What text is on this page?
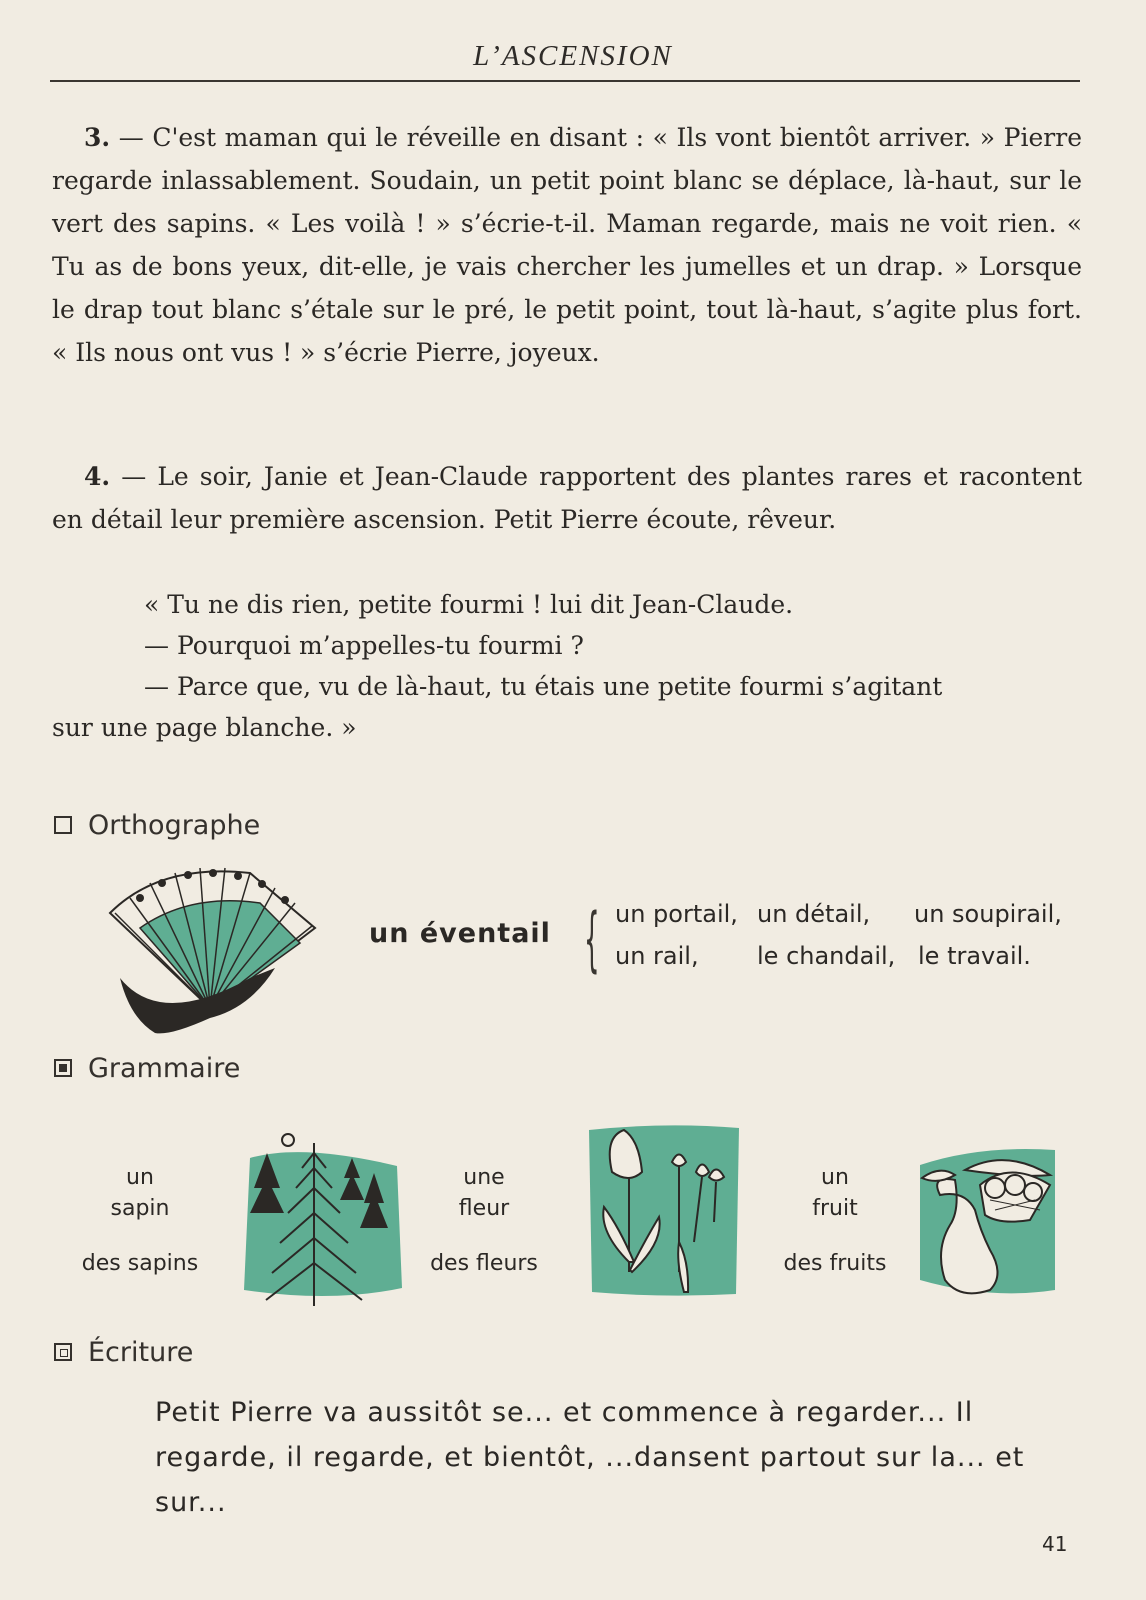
L’ASCENSION
3. — C'est maman qui le réveille en disant : « Ils vont bientôt arriver. » Pierre regarde inlassablement. Soudain, un petit point blanc se déplace, là-haut, sur le vert des sapins. « Les voilà ! » s’écrie-t-il. Maman regarde, mais ne voit rien. « Tu as de bons yeux, dit-elle, je vais chercher les jumelles et un drap. » Lorsque le drap tout blanc s’étale sur le pré, le petit point, tout là-haut, s’agite plus fort. « Ils nous ont vus ! » s’écrie Pierre, joyeux.
4. — Le soir, Janie et Jean-Claude rapportent des plantes rares et racontent en détail leur première ascension. Petit Pierre écoute, rêveur.
« Tu ne dis rien, petite fourmi ! lui dit Jean-Claude.
— Pourquoi m’appelles-tu fourmi ?
— Parce que, vu de là-haut, tu étais une petite fourmi s’agitant
sur une page blanche. »
Orthographe
un éventail { un portail, un détail, un soupirail,
un rail, le chandail, le travail.
Grammaire
un
sapin
des sapins
une
fleur
des fleurs
un
fruit
des fruits
Écriture
Petit Pierre va aussitôt se... et commence à regarder... Il
regarde, il regarde, et bientôt, ...dansent partout sur la... et sur...
41
